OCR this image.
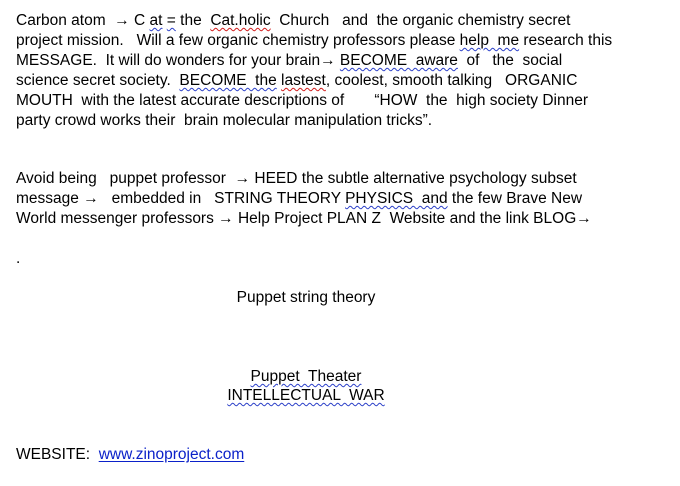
Carbon atom  → C at = the  Cat.holic  Church   and  the organic chemistry secret
project mission.   Will a few organic chemistry professors please help  me research this
MESSAGE.  It will do wonders for your brain→ BECOME  aware  of   the  social
science secret society.  BECOME  the lastest, coolest, smooth talking   ORGANIC
MOUTH  with the latest accurate descriptions of       “HOW  the  high society Dinner
party crowd works their  brain molecular manipulation tricks”.
Avoid being   puppet professor  → HEED the subtle alternative psychology subset
message →   embedded in   STRING THEORY PHYSICS  and the few Brave New
World messenger professors → Help Project PLAN Z  Website and the link BLOG→
.
Puppet string theory
Puppet  Theater
INTELLECTUAL  WAR
WEBSITE:  www.zinoproject.com
